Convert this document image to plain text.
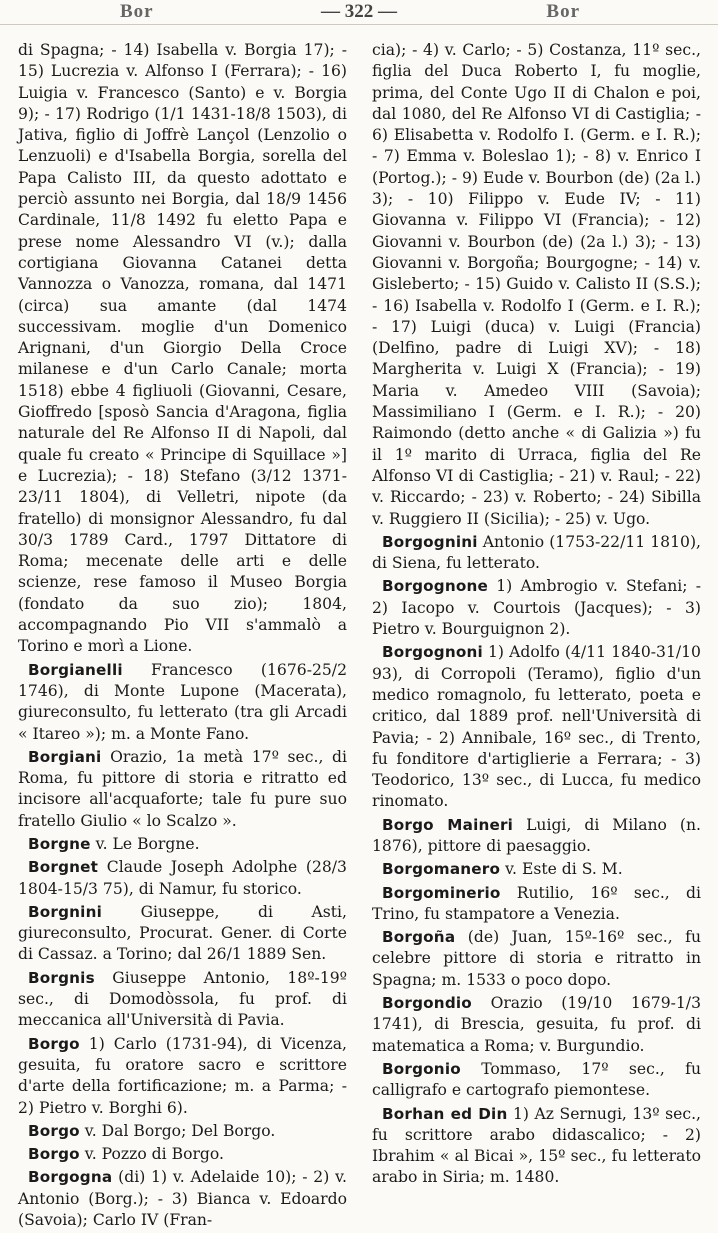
Bor	— 322 —	Bor

di Spagna; - 14) Isabella v. Borgia 17); - 15) Lucrezia v. Alfonso I (Ferrara); - 16) Luigia v. Francesco (Santo) e v. Borgia 9); - 17) Rodrigo (1/1 1431-18/8 1503), di Jativa, figlio di Joffrè Lançol (Lenzolio o Lenzuoli) e d'Isabella Borgia, sorella del Papa Calisto III, da questo adottato e perciò assunto nei Borgia, dal 18/9 1456 Cardinale, 11/8 1492 fu eletto Papa e prese nome Alessandro VI (v.); dalla cortigiana Giovanna Catanei detta Vannozza o Vanozza, romana, dal 1471 (circa) sua amante (dal 1474 successivam. moglie d'un Domenico Arignani, d'un Giorgio Della Croce milanese e d'un Carlo Canale; morta 1518) ebbe 4 figliuoli (Giovanni, Cesare, Gioffredo [sposò Sancia d'Aragona, figlia naturale del Re Alfonso II di Napoli, dal quale fu creato « Principe di Squillace »] e Lucrezia); - 18) Stefano (3/12 1371-23/11 1804), di Velletri, nipote (da fratello) di monsignor Alessandro, fu dal 30/3 1789 Card., 1797 Dittatore di Roma; mecenate delle arti e delle scienze, rese famoso il Museo Borgia (fondato da suo zio); 1804, accompagnando Pio VII s'ammalò a Torino e morì a Lione.

Borgianelli Francesco (1676-25/2 1746), di Monte Lupone (Macerata), giureconsulto, fu letterato (tra gli Arcadi « Itareo »); m. a Monte Fano.

Borgiani Orazio, 1a metà 17º sec., di Roma, fu pittore di storia e ritratto ed incisore all'acquaforte; tale fu pure suo fratello Giulio « lo Scalzo ».

Borgne v. Le Borgne.

Borgnet Claude Joseph Adolphe (28/3 1804-15/3 75), di Namur, fu storico.

Borgnini Giuseppe, di Asti, giureconsulto, Procurat. Gener. di Corte di Cassaz. a Torino; dal 26/1 1889 Sen.

Borgnis Giuseppe Antonio, 18º-19º sec., di Domodòssola, fu prof. di meccanica all'Università di Pavia.

Borgo 1) Carlo (1731-94), di Vicenza, gesuita, fu oratore sacro e scrittore d'arte della fortificazione; m. a Parma; - 2) Pietro v. Borghi 6).

Borgo v. Dal Borgo; Del Borgo.

Borgo v. Pozzo di Borgo.

Borgogna (di) 1) v. Adelaide 10); - 2) v. Antonio (Borg.); - 3) Bianca v. Edoardo (Savoia); Carlo IV (Fran-

cia); - 4) v. Carlo; - 5) Costanza, 11º sec., figlia del Duca Roberto I, fu moglie, prima, del Conte Ugo II di Chalon e poi, dal 1080, del Re Alfonso VI di Castiglia; - 6) Elisabetta v. Rodolfo I. (Germ. e I. R.); - 7) Emma v. Boleslao 1); - 8) v. Enrico I (Portog.); - 9) Eude v. Bourbon (de) (2a l.) 3); - 10) Filippo v. Eude IV; - 11) Giovanna v. Filippo VI (Francia); - 12) Giovanni v. Bourbon (de) (2a l.) 3); - 13) Giovanni v. Borgoña; Bourgogne; - 14) v. Gisleberto; - 15) Guido v. Calisto II (S.S.); - 16) Isabella v. Rodolfo I (Germ. e I. R.); - 17) Luigi (duca) v. Luigi (Francia) (Delfino, padre di Luigi XV); - 18) Margherita v. Luigi X (Francia); - 19) Maria v. Amedeo VIII (Savoia); Massimiliano I (Germ. e I. R.); - 20) Raimondo (detto anche « di Galizia ») fu il 1º marito di Urraca, figlia del Re Alfonso VI di Castiglia; - 21) v. Raul; - 22) v. Riccardo; - 23) v. Roberto; - 24) Sibilla v. Ruggiero II (Sicilia); - 25) v. Ugo.

Borgognini Antonio (1753-22/11 1810), di Siena, fu letterato.

Borgognone 1) Ambrogio v. Stefani; - 2) Iacopo v. Courtois (Jacques); - 3) Pietro v. Bourguignon 2).

Borgognoni 1) Adolfo (4/11 1840-31/10 93), di Corropoli (Teramo), figlio d'un medico romagnolo, fu letterato, poeta e critico, dal 1889 prof. nell'Università di Pavia; - 2) Annibale, 16º sec., di Trento, fu fonditore d'artiglierie a Ferrara; - 3) Teodorico, 13º sec., di Lucca, fu medico rinomato.

Borgo Maineri Luigi, di Milano (n. 1876), pittore di paesaggio.

Borgomanero v. Este di S. M.

Borgominerio Rutilio, 16º sec., di Trino, fu stampatore a Venezia.

Borgoña (de) Juan, 15º-16º sec., fu celebre pittore di storia e ritratto in Spagna; m. 1533 o poco dopo.

Borgondio Orazio (19/10 1679-1/3 1741), di Brescia, gesuita, fu prof. di matematica a Roma; v. Burgundio.

Borgonio Tommaso, 17º sec., fu calligrafo e cartografo piemontese.

Borhan ed Din 1) Az Sernugi, 13º sec., fu scrittore arabo didascalico; - 2) Ibrahim « al Bicai », 15º sec., fu letterato arabo in Siria; m. 1480.
